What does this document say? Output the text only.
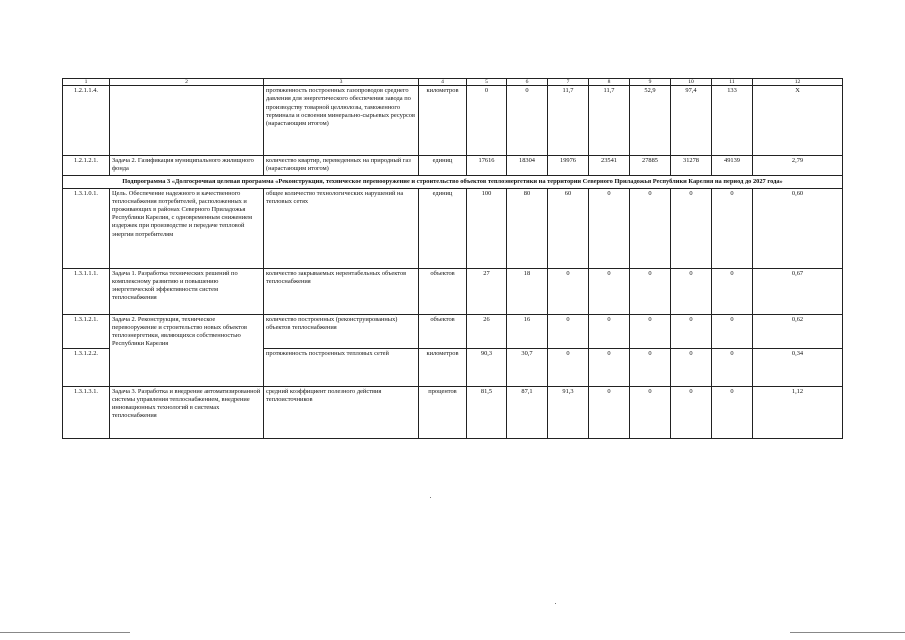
1	2	3	4	5	6	7	8	9	10	11	12
1.2.1.1.4.		протяженность построенных газопроводов среднего давления для энергетического обеспечения завода по производству товарной целлюлозы, таможенного терминала и освоения минерально-сырьевых ресурсов (нарастающим итогом)	километров	0	0	11,7	11,7	52,9	97,4	133	Х
1.2.1.2.1.	Задача 2. Газификация муниципального жилищного фонда	количество квартир, переведенных на природный газ (нарастающим итогом)	единиц	17616	18304	19976	23541	27885	31278	49139	2,79
Подпрограмма 3 «Долгосрочная целевая программа «Реконструкция, техническое перевооружение и строительство объектов теплоэнергетики на территории Северного Приладожья Республики Карелия на период до 2027 года»											
1.3.1.0.1.	Цель. Обеспечение надежного и качественного теплоснабжения потребителей, расположенных и проживающих в районах Северного Приладожья Республики Карелия, с одновременным снижением издержек при производстве и передаче тепловой энергии потребителям	общее количество технологических нарушений на тепловых сетях	единиц	100	80	60	0	0	0	0	0,60
1.3.1.1.1.	Задача 1. Разработка технических решений по комплексному развитию и повышению энергетической эффективности систем теплоснабжения	количество закрываемых нерентабельных объектов теплоснабжения	объектов	27	18	0	0	0	0	0	0,67
1.3.1.2.1.	Задача 2. Реконструкция, техническое перевооружение и строительство новых объектов теплоэнергетики, являющихся собственностью Республики Карелия	количество построенных (реконструированных) объектов теплоснабжения	объектов	26	16	0	0	0	0	0	0,62
1.3.1.2.2.		протяженность построенных тепловых сетей	километров	90,3	30,7	0	0	0	0	0	0,34
1.3.1.3.1.	Задача 3. Разработка и внедрение автоматизированной системы управления теплоснабжением, внедрение инновационных технологий в системах теплоснабжения	средний коэффициент полезного действия теплоисточников	процентов	81,5	87,1	91,3	0	0	0	0	1,12
